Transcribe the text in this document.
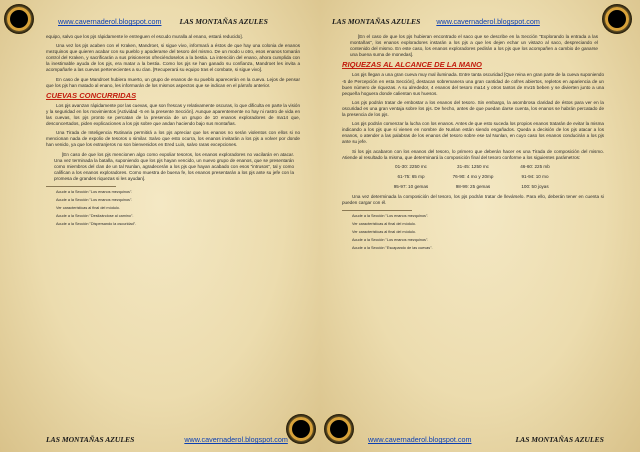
www.cavernaderol.blogspot.com LAS MONTAÑAS AZULES

equipo, salvo que los pjs rápidamente le entreguen el escudo muralla al enano, estará reducido].

Una vez los pjs acaben con el Kraken, Mandroet, si sigue vivo, informará a éstos de que hay una colonia de enanos mezquinos que quieren acabar con su pueblo y apoderarse del tesoro del mismo. De un modo u otro, esos enanos tomarán control del Kraken, y sacrificarán a sus prisioneros ofreciéndoselos a la bestia. La intención del enano, ahora cumplida con la inestimable ayuda de los pjs, era matar a la bestia. Como los pjs se han ganado su confianza, Mandroet les invita a acompañarle a las cuevas pertenecientes a su clan. [Recuperará su equipo tras el combate, si sigue vivo].

En caso de que Mandroet hubiera muerto, un grupo de enanos de su pueblo aparecerán en la cueva. Lejos de pensar que los pjs han matado al enano, les informarán de los mismos aspectos que se indican en el párrafo anterior.

CUEVAS CONCURRIDAS

Los pjs avanzan rápidamente por las cuevas, que son frescas y relativamente oscuras, lo que dificulta en parte la visión y la seguridad en los movimientos [Actividad -5 en la presente Sección]. Aunque aparentemente no hay ni rastro de vida en las cuevas, los pjs pronto se percatan de la presencia de un grupo de 10 enanos exploradores de ma14 que, desconcertados, piden explicaciones a los pjs sobre que andan haciendo bajo sus montañas.

Una Tirada de Inteligencia Rutinaria permitirá a los pjs apreciar que los enanos no serán violentos con ellos si no mencionan nada de expolio de tesoros o similar. Salvo que esto ocurra, los enanos invitarán a los pjs a volver por donde han venido, ya que los extranjeros no son bienvenidos en Ered Luin, salvo raras excepciones.

[En caso de que los pjs mencionen algo como expoliar tesoros, los enanos exploradores no vacilarán en atacar. Una vez terminada la batalla, suponiendo que los pjs hayan vencido, un nuevo grupo de enanos, que se presentarán como miembros del clan de un tal Nunlan, agradecerán a los pjs que hayan acabado con esos "intrusos", tal y como califican a los enanos exploradores. Como muestra de buena fe, los enanos presentarán a los pjs ante su jefe con la promesa de grandes riquezas si les ayudan].

Acude a la Sección "Los enanos mezquinos".

Acude a la Sección "Los enanos mezquinos".

Ver características al final del módulo.

Acude a la Sección "Deslizándose al camino".

Acude a la Sección "Dispersando la oscuridad".

LAS MONTAÑAS AZULES	www.cavernaderol.blogspot.com
LAS MONTAÑAS AZULES www.cavernaderol.blogspot.com

[En el caso de que los pjs hubieran encontrado el saco que se describe en la Sección "Explorando la entrada a las montañas", los enanos exploradores instarán a los pjs a que les dejen echar un vistazo al saco, despreciando el contenido del mismo. En este caso, los enanos exploradores pedirán a los pjs que los acompañen a cambio de ganarse una buena suma de monedas].

RIQUEZAS AL ALCANCE DE LA MANO

Los pjs llegan a una gran cueva muy mal iluminada. Entre tanta oscuridad [Que reina en gran parte de la cueva suponiendo -5 de Percepción en esta Sección], destacan sobremanera una gran cantidad de cofres abiertos, repletos en apariencia de un buen número de riquezas. A su alrededor, 4 enanos del tesoro ma14 y otros tantos de mv15 beben y se divierten junto a una pequeña hoguera donde calientan sus huesos.

Los pjs podrán tratar de embostar a los enanos del tesoro. Sin embargo, la asombrosa claridad de éstos para ver en la oscuridad es una gran ventaja sobre los pjs. De hecho, antes de que puedan darse cuenta, los enanos se habrán percatado de la presencia de los pjs.

Los pjs podrán comenzar la lucha con los enanos. Antes de que esto suceda los propios enanos tratarán de evitar la misma indicando a los pjs que si vienen en nombre de Nunlan están siendo engañados. Queda a decisión de los pjs atacar a los enanos, o atender a las palabras de los enanos del tesoro sobre ese tal Nunlan, en cuyo caso los enanos conducirán a los pjs ante su jefe.

Si los pjs acabaron con los enanos del tesoro, lo primero que deberán hacer es una Tirada de composición del mismo. Atiende al resultado la misma, que determinará la composición final del tesoro conforme a los siguientes parámetros:

01-30: 2250 mc	31-45: 1250 mc	46-60: 225 mb
61-75: 65 mp	76-90: 4 mo y 20mp	91-94: 10 mo
95-97: 10 gemas	98-99: 25 gemas	100: 50 joyas

Una vez determinada la composición del tesoro, los pjs podrán tratar de llevárselo. Para ello, deberán tener en cuenta si pueden cargar con él.

Acude a la Sección "Los enanos mezquinos".

Ver características al final del módulo.

Ver características al final del módulo.

Acude a la Sección "Los enanos mezquinos".

Acude a la Sección "Escapando de las cuevas".

www.cavernaderol.blogspot.com	LAS MONTAÑAS AZULES
